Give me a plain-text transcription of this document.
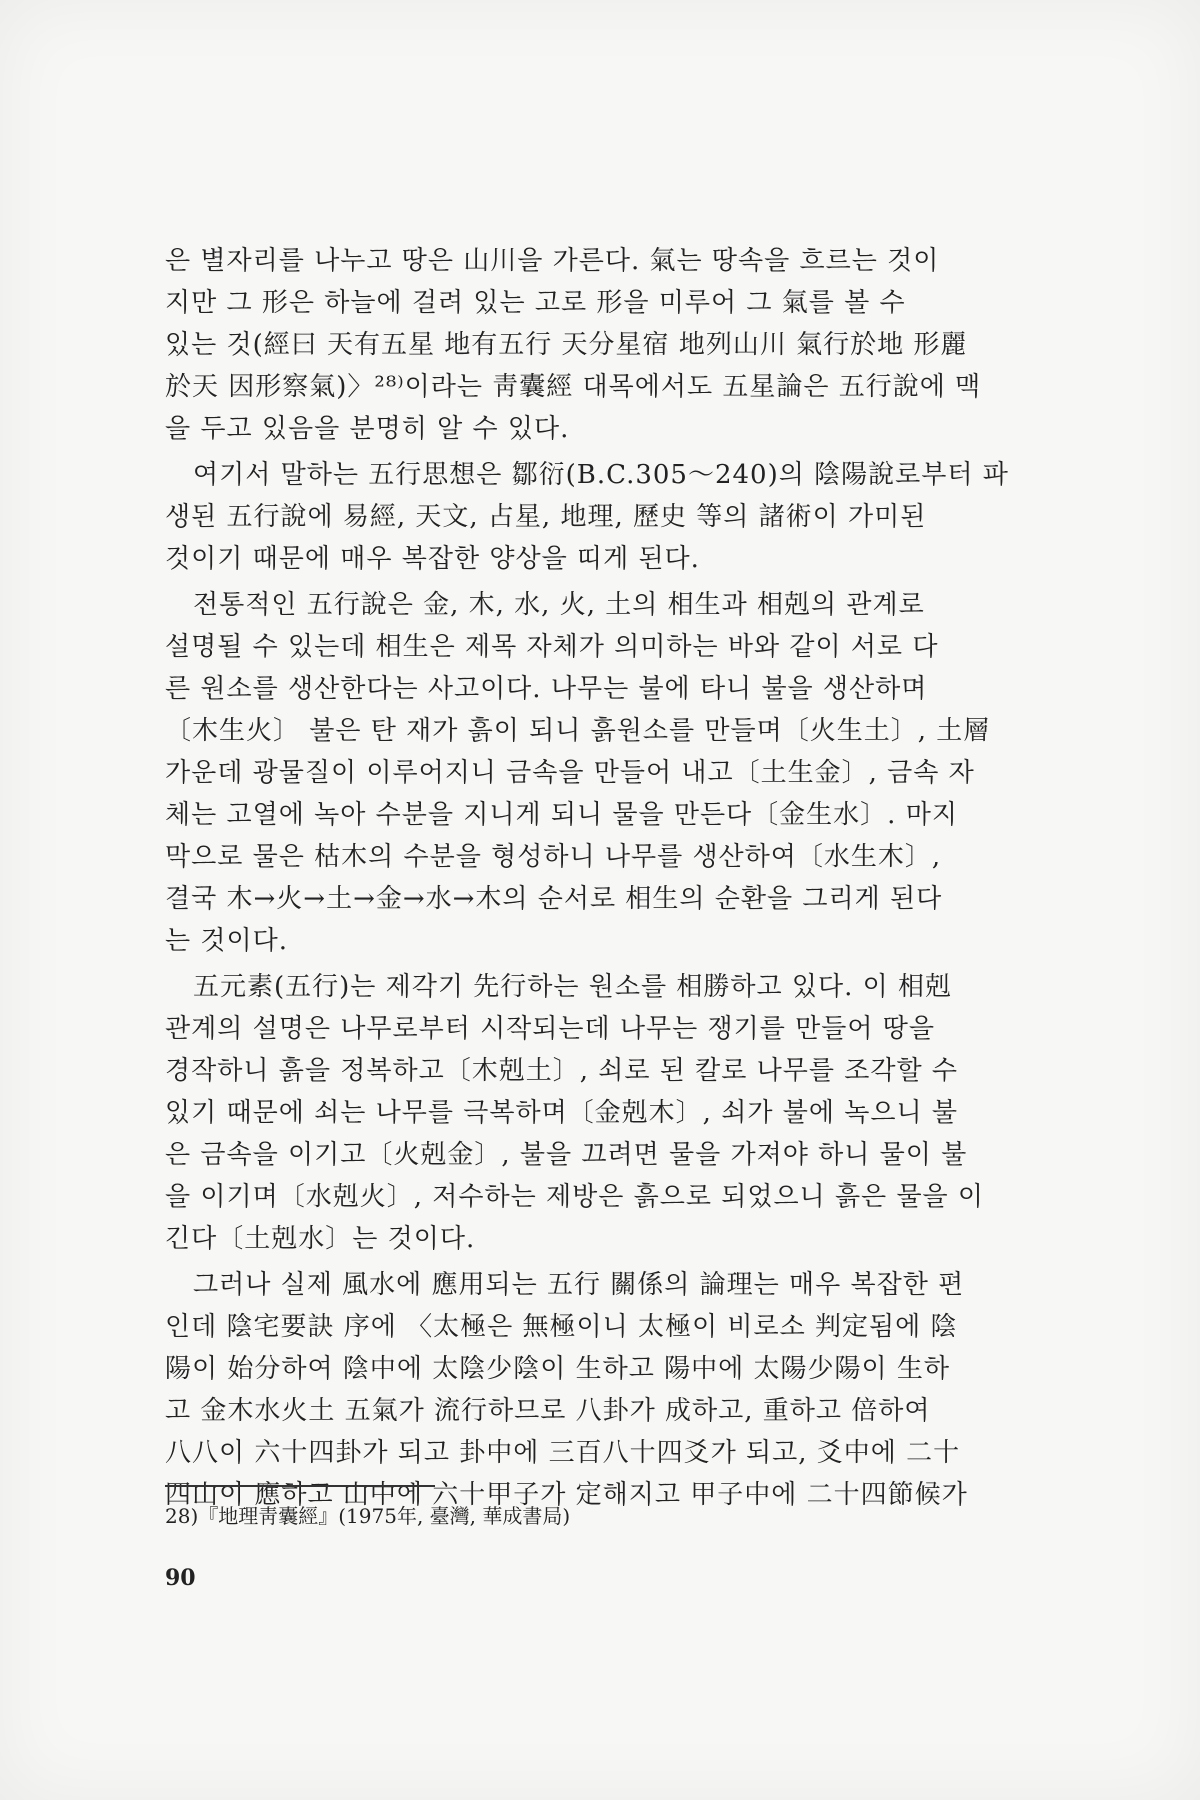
은 별자리를 나누고 땅은 山川을 가른다. 氣는 땅속을 흐르는 것이
지만 그 形은 하늘에 걸려 있는 고로 形을 미루어 그 氣를 볼 수
있는 것(經曰 天有五星 地有五行 天分星宿 地列山川 氣行於地 形麗
於天 因形察氣)〉²⁸⁾이라는 靑囊經 대목에서도 五星論은 五行說에 맥
을 두고 있음을 분명히 알 수 있다.
여기서 말하는 五行思想은 鄒衍(B.C.305～240)의 陰陽說로부터 파
생된 五行說에 易經, 天文, 占星, 地理, 歷史 等의 諸術이 가미된
것이기 때문에 매우 복잡한 양상을 띠게 된다.
전통적인 五行說은 金, 木, 水, 火, 土의 相生과 相剋의 관계로
설명될 수 있는데 相生은 제목 자체가 의미하는 바와 같이 서로 다
른 원소를 생산한다는 사고이다. 나무는 불에 타니 불을 생산하며
〔木生火〕 불은 탄 재가 흙이 되니 흙원소를 만들며〔火生土〕, 土層
가운데 광물질이 이루어지니 금속을 만들어 내고〔土生金〕, 금속 자
체는 고열에 녹아 수분을 지니게 되니 물을 만든다〔金生水〕. 마지
막으로 물은 枯木의 수분을 형성하니 나무를 생산하여〔水生木〕,
결국 木→火→土→金→水→木의 순서로 相生의 순환을 그리게 된다
는 것이다.
五元素(五行)는 제각기 先行하는 원소를 相勝하고 있다. 이 相剋
관계의 설명은 나무로부터 시작되는데 나무는 쟁기를 만들어 땅을
경작하니 흙을 정복하고〔木剋土〕, 쇠로 된 칼로 나무를 조각할 수
있기 때문에 쇠는 나무를 극복하며〔金剋木〕, 쇠가 불에 녹으니 불
은 금속을 이기고〔火剋金〕, 불을 끄려면 물을 가져야 하니 물이 불
을 이기며〔水剋火〕, 저수하는 제방은 흙으로 되었으니 흙은 물을 이
긴다〔土剋水〕는 것이다.
그러나 실제 風水에 應用되는 五行 關係의 論理는 매우 복잡한 편
인데 陰宅要訣 序에 〈太極은 無極이니 太極이 비로소 判定됨에 陰
陽이 始分하여 陰中에 太陰少陰이 生하고 陽中에 太陽少陽이 生하
고 金木水火土 五氣가 流行하므로 八卦가 成하고, 重하고 倍하여
八八이 六十四卦가 되고 卦中에 三百八十四爻가 되고, 爻中에 二十
四山이 應하고 山中에 六十甲子가 定해지고 甲子中에 二十四節候가
28)『地理靑囊經』(1975年, 臺灣, 華成書局)
90
